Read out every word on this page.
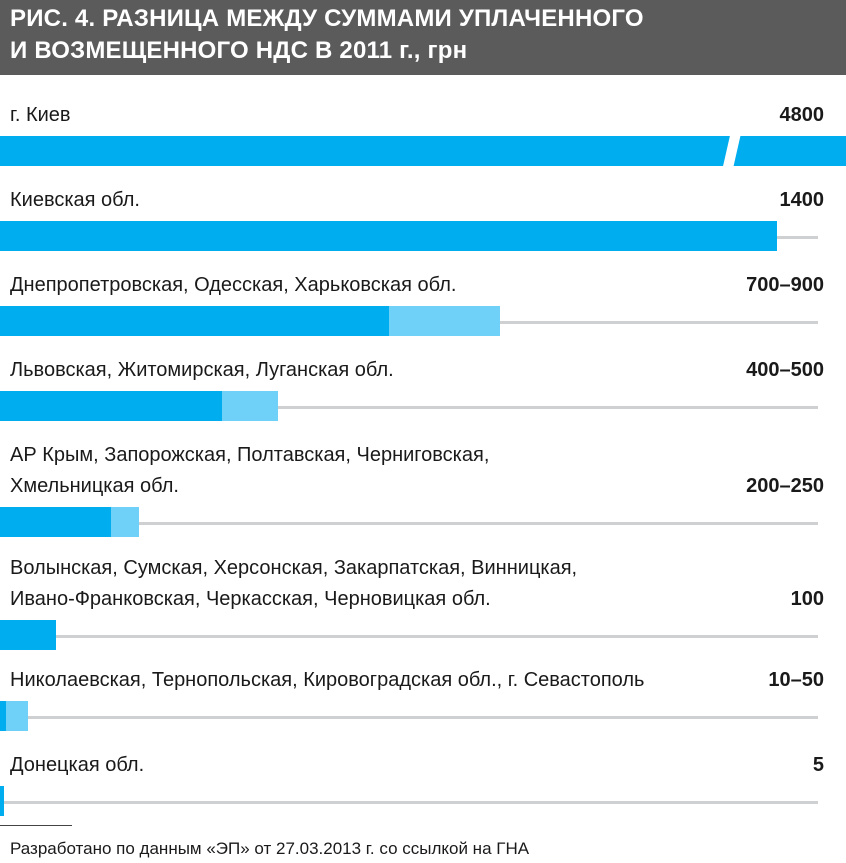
РИС. 4. РАЗНИЦА МЕЖДУ СУММАМИ УПЛАЧЕННОГО
И ВОЗМЕЩЕННОГО НДС В 2011 г., грн
г. Киев	4800
Киевская обл.	1400
Днепропетровская, Одесская, Харьковская обл.	700–900
Львовская, Житомирская, Луганская обл.	400–500
АР Крым, Запорожская, Полтавская, Черниговская,
Хмельницкая обл.	200–250
Волынская, Сумская, Херсонская, Закарпатская, Винницкая,
Ивано-Франковская, Черкасская, Черновицкая обл.	100
Николаевская, Тернопольская, Кировоградская обл., г. Севастополь	10–50
Донецкая обл.	5
Разработано по данным «ЭП» от 27.03.2013 г. со ссылкой на ГНА
